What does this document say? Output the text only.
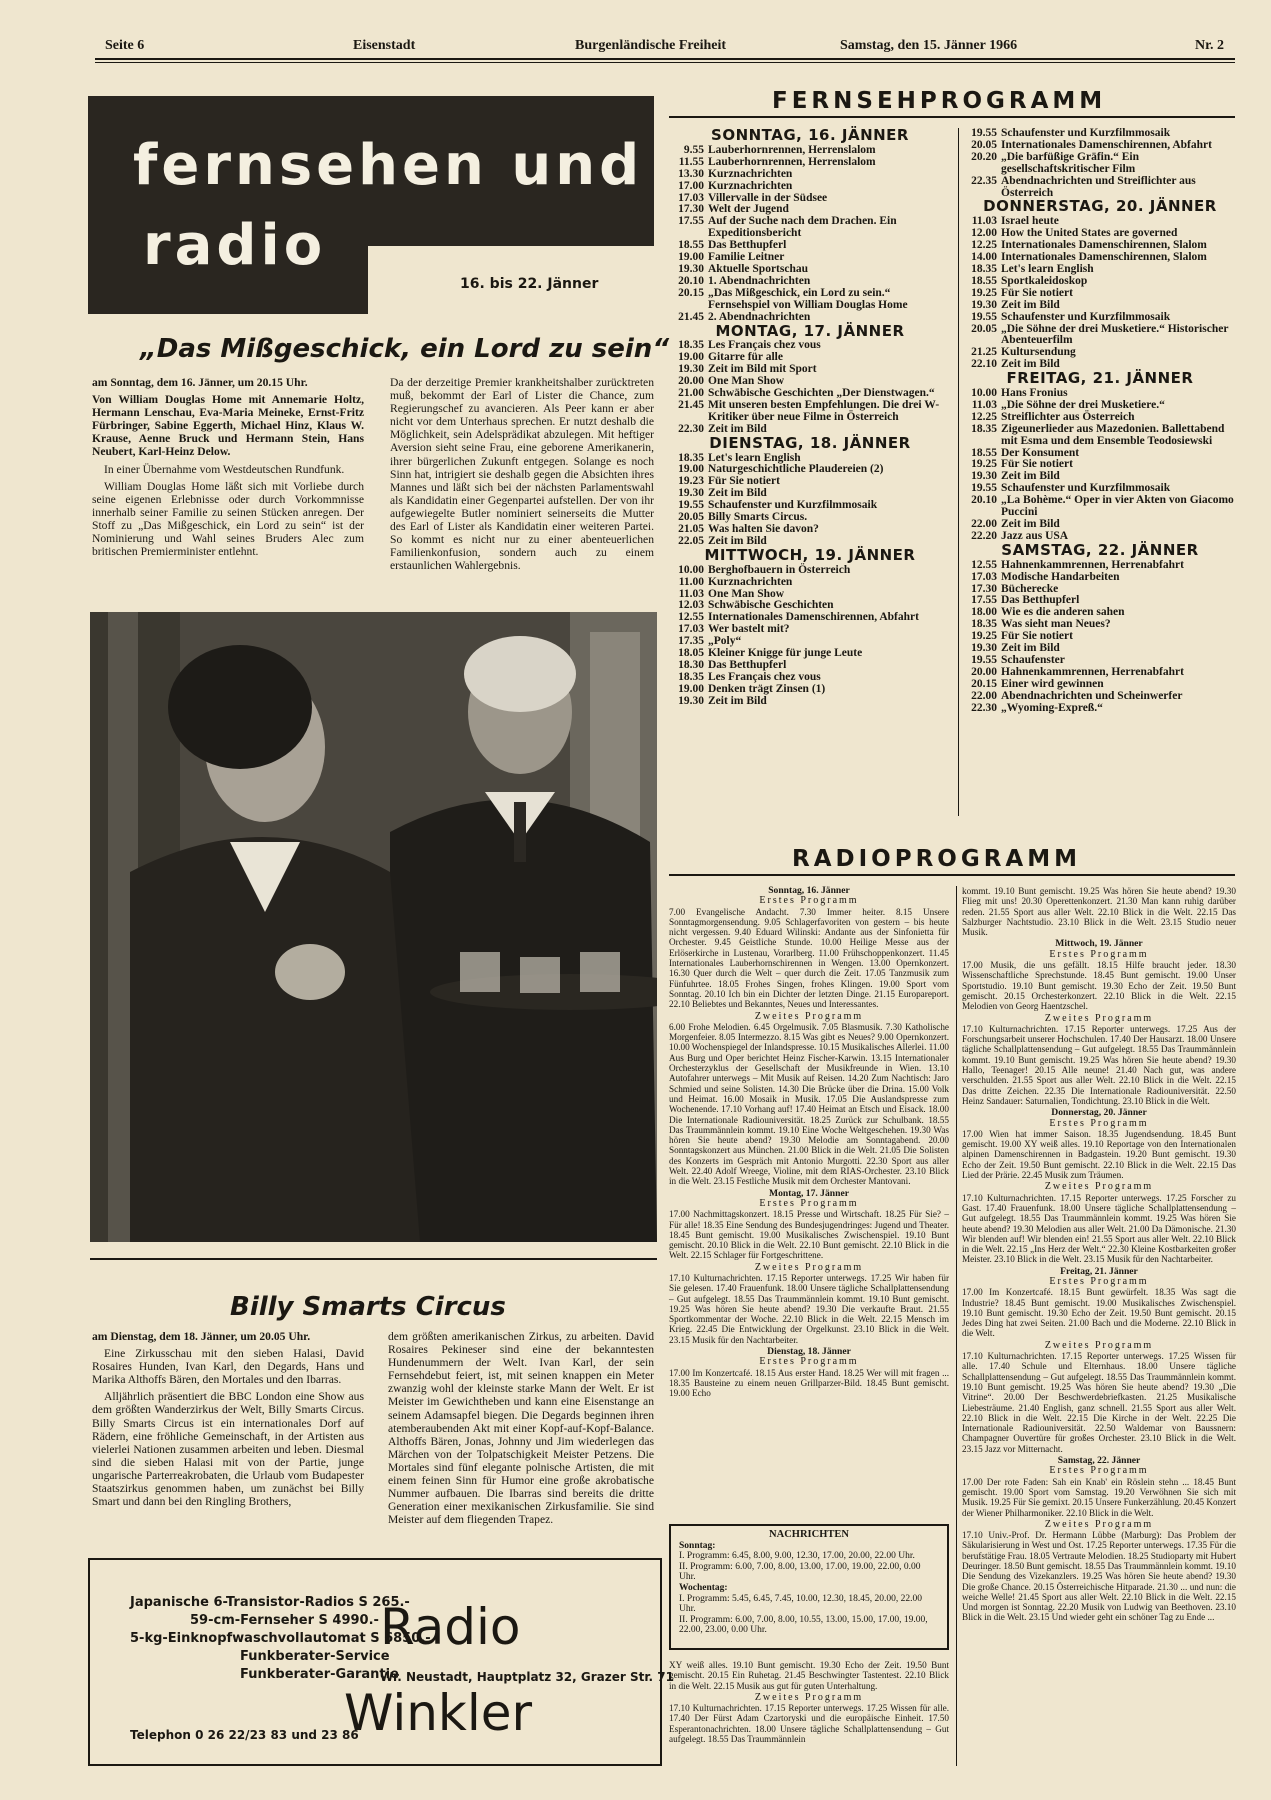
Seite 6	Eisenstadt	Burgenländische Freiheit	Samstag, den 15. Jänner 1966	Nr. 2
fernsehen und
radio
16. bis 22. Jänner
„Das Mißgeschick, ein Lord zu sein“

am Sonntag, dem 16. Jänner, um 20.15 Uhr.

Von William Douglas Home mit Annemarie Holtz, Hermann Lenschau, Eva-Maria Meineke, Ernst-Fritz Fürbringer, Sabine Eggerth, Michael Hinz, Klaus W. Krause, Aenne Bruck und Hermann Stein, Hans Neubert, Karl-Heinz Delow.

In einer Übernahme vom Westdeutschen Rundfunk.

William Douglas Home läßt sich mit Vorliebe durch seine eigenen Erlebnisse oder durch Vorkommnisse innerhalb seiner Familie zu seinen Stücken anregen. Der Stoff zu „Das Mißgeschick, ein Lord zu sein“ ist der Nominierung und Wahl seines Bruders Alec zum britischen Premierminister entlehnt.

Da der derzeitige Premier krankheitshalber zurücktreten muß, bekommt der Earl of Lister die Chance, zum Regierungschef zu avancieren. Als Peer kann er aber nicht vor dem Unterhaus sprechen. Er nutzt deshalb die Möglichkeit, sein Adelsprädikat abzulegen. Mit heftiger Aversion sieht seine Frau, eine geborene Amerikanerin, ihrer bürgerlichen Zukunft entgegen. Solange es noch Sinn hat, intrigiert sie deshalb gegen die Absichten ihres Mannes und läßt sich bei der nächsten Parlamentswahl als Kandidatin einer Gegenpartei aufstellen. Der von ihr aufgewiegelte Butler nominiert seinerseits die Mutter des Earl of Lister als Kandidatin einer weiteren Partei. So kommt es nicht nur zu einer abenteuerlichen Familienkonfusion, sondern auch zu einem erstaunlichen Wahlergebnis.

Billy Smarts Circus

am Dienstag, dem 18. Jänner, um 20.05 Uhr.

Eine Zirkusschau mit den sieben Halasi, David Rosaires Hunden, Ivan Karl, den Degards, Hans und Marika Althoffs Bären, den Mortales und den Ibarras.

Alljährlich präsentiert die BBC London eine Show aus dem größten Wanderzirkus der Welt, Billy Smarts Circus. Billy Smarts Circus ist ein internationales Dorf auf Rädern, eine fröhliche Gemeinschaft, in der Artisten aus vielerlei Nationen zusammen arbeiten und leben. Diesmal sind die sieben Halasi mit von der Partie, junge ungarische Parterreakrobaten, die Urlaub vom Budapester Staatszirkus genommen haben, um zunächst bei Billy Smart und dann bei den Ringling Brothers,

dem größten amerikanischen Zirkus, zu arbeiten. David Rosaires Pekineser sind eine der bekanntesten Hundenummern der Welt. Ivan Karl, der sein Fernsehdebut feiert, ist, mit seinen knappen ein Meter zwanzig wohl der kleinste starke Mann der Welt. Er ist Meister im Gewichtheben und kann eine Eisenstange an seinem Adamsapfel biegen. Die Degards beginnen ihren atemberaubenden Akt mit einer Kopf-auf-Kopf-Balance. Althoffs Bären, Jonas, Johnny und Jim wiederlegen das Märchen von der Tolpatschigkeit Meister Petzens. Die Mortales sind fünf elegante polnische Artisten, die mit einem feinen Sinn für Humor eine große akrobatische Nummer aufbauen. Die Ibarras sind bereits die dritte Generation einer mexikanischen Zirkusfamilie. Sie sind Meister auf dem fliegenden Trapez.

Japanische 6-Transistor-Radios S 265.-
59-cm-Fernseher S 4990.-
5-kg-Einknopfwaschvollautomat S 6850.-
Funkberater-Service
Funkberater-Garantie
Telephon 0 26 22/23 83 und 23 86
Radio
Wr. Neustadt, Hauptplatz 32, Grazer Str. 71
Winkler
FERNSEHPROGRAMM
SONNTAG, 16. JÄNNER
9.55 Lauberhornrennen, Herrenslalom
11.55 Lauberhornrennen, Herrenslalom
13.30 Kurznachrichten
17.00 Kurznachrichten
17.03 Villervalle in der Südsee
17.30 Welt der Jugend
17.55 Auf der Suche nach dem Drachen. Ein Expeditionsbericht
18.55 Das Betthupferl
19.00 Familie Leitner
19.30 Aktuelle Sportschau
20.10 1. Abendnachrichten
20.15 „Das Mißgeschick, ein Lord zu sein.“ Fernsehspiel von William Douglas Home
21.45 2. Abendnachrichten
MONTAG, 17. JÄNNER
18.35 Les Français chez vous
19.00 Gitarre für alle
19.30 Zeit im Bild mit Sport
20.00 One Man Show
21.00 Schwäbische Geschichten „Der Dienstwagen.“
21.45 Mit unseren besten Empfehlungen. Die drei W-Kritiker über neue Filme in Österreich
22.30 Zeit im Bild
DIENSTAG, 18. JÄNNER
18.35 Let's learn English
19.00 Naturgeschichtliche Plaudereien (2)
19.23 Für Sie notiert
19.30 Zeit im Bild
19.55 Schaufenster und Kurzfilmmosaik
20.05 Billy Smarts Circus.
21.05 Was halten Sie davon?
22.05 Zeit im Bild
MITTWOCH, 19. JÄNNER
10.00 Berghofbauern in Österreich
11.00 Kurznachrichten
11.03 One Man Show
12.03 Schwäbische Geschichten
12.55 Internationales Damenschirennen, Abfahrt
17.03 Wer bastelt mit?
17.35 „Poly“
18.05 Kleiner Knigge für junge Leute
18.30 Das Betthupferl
18.35 Les Français chez vous
19.00 Denken trägt Zinsen (1)
19.30 Zeit im Bild
19.55 Schaufenster und Kurzfilmmosaik
20.05 Internationales Damenschirennen, Abfahrt
20.20 „Die barfüßige Gräfin.“ Ein gesellschaftskritischer Film
22.35 Abendnachrichten und Streiflichter aus Österreich
DONNERSTAG, 20. JÄNNER
11.03 Israel heute
12.00 How the United States are governed
12.25 Internationales Damenschirennen, Slalom
14.00 Internationales Damenschirennen, Slalom
18.35 Let's learn English
18.55 Sportkaleidoskop
19.25 Für Sie notiert
19.30 Zeit im Bild
19.55 Schaufenster und Kurzfilmmosaik
20.05 „Die Söhne der drei Musketiere.“ Historischer Abenteuerfilm
21.25 Kultursendung
22.10 Zeit im Bild
FREITAG, 21. JÄNNER
10.00 Hans Fronius
11.03 „Die Söhne der drei Musketiere.“
12.25 Streiflichter aus Österreich
18.35 Zigeunerlieder aus Mazedonien. Ballettabend mit Esma und dem Ensemble Teodosiewski
18.55 Der Konsument
19.25 Für Sie notiert
19.30 Zeit im Bild
19.55 Schaufenster und Kurzfilmmosaik
20.10 „La Bohème.“ Oper in vier Akten von Giacomo Puccini
22.00 Zeit im Bild
22.20 Jazz aus USA
SAMSTAG, 22. JÄNNER
12.55 Hahnenkammrennen, Herrenabfahrt
17.03 Modische Handarbeiten
17.30 Bücherecke
17.55 Das Betthupferl
18.00 Wie es die anderen sahen
18.35 Was sieht man Neues?
19.25 Für Sie notiert
19.30 Zeit im Bild
19.55 Schaufenster
20.00 Hahnenkammrennen, Herrenabfahrt
20.15 Einer wird gewinnen
22.00 Abendnachrichten und Scheinwerfer
22.30 „Wyoming-Expreß.“
RADIOPROGRAMM
Sonntag, 16. Jänner
Erstes Programm

7.00 Evangelische Andacht. 7.30 Immer heiter. 8.15 Unsere Sonntagmorgensendung. 9.05 Schlagerfavoriten von gestern – bis heute nicht vergessen. 9.40 Eduard Wilinski: Andante aus der Sinfonietta für Orchester. 9.45 Geistliche Stunde. 10.00 Heilige Messe aus der Erlöserkirche in Lustenau, Vorarlberg. 11.00 Frühschoppenkonzert. 11.45 Internationales Lauberhornschirennen in Wengen. 13.00 Opernkonzert. 16.30 Quer durch die Welt – quer durch die Zeit. 17.05 Tanzmusik zum Fünfuhrtee. 18.05 Frohes Singen, frohes Klingen. 19.00 Sport vom Sonntag. 20.10 Ich bin ein Dichter der letzten Dinge. 21.15 Europareport. 22.10 Beliebtes und Bekanntes, Neues und Interessantes.

Zweites Programm

6.00 Frohe Melodien. 6.45 Orgelmusik. 7.05 Blasmusik. 7.30 Katholische Morgenfeier. 8.05 Intermezzo. 8.15 Was gibt es Neues? 9.00 Opernkonzert. 10.00 Wochenspiegel der Inlandspresse. 10.15 Musikalisches Allerlei. 11.00 Aus Burg und Oper berichtet Heinz Fischer-Karwin. 13.15 Internationaler Orchesterzyklus der Gesellschaft der Musikfreunde in Wien. 13.10 Autofahrer unterwegs – Mit Musik auf Reisen. 14.20 Zum Nachtisch: Jaro Schmied und seine Solisten. 14.30 Die Brücke über die Drina. 15.00 Volk und Heimat. 16.00 Mosaik in Musik. 17.05 Die Auslandspresse zum Wochenende. 17.10 Vorhang auf! 17.40 Heimat an Etsch und Eisack. 18.00 Die Internationale Radiouniversität. 18.25 Zurück zur Schulbank. 18.55 Das Traummännlein kommt. 19.10 Eine Woche Weltgeschehen. 19.30 Was hören Sie heute abend? 19.30 Melodie am Sonntagabend. 20.00 Sonntagskonzert aus München. 21.00 Blick in die Welt. 21.05 Die Solisten des Konzerts im Gespräch mit Antonio Murgotti. 22.30 Sport aus aller Welt. 22.40 Adolf Wreege, Violine, mit dem RIAS-Orchester. 23.10 Blick in die Welt. 23.15 Festliche Musik mit dem Orchester Mantovani.

Montag, 17. Jänner
Erstes Programm

17.00 Nachmittagskonzert. 18.15 Presse und Wirtschaft. 18.25 Für Sie? – Für alle! 18.35 Eine Sendung des Bundesjugendringes: Jugend und Theater. 18.45 Bunt gemischt. 19.00 Musikalisches Zwischenspiel. 19.10 Bunt gemischt. 20.10 Blick in die Welt. 22.10 Bunt gemischt. 22.10 Blick in die Welt. 22.15 Schlager für Fortgeschrittene.

Zweites Programm

17.10 Kulturnachrichten. 17.15 Reporter unterwegs. 17.25 Wir haben für Sie gelesen. 17.40 Frauenfunk. 18.00 Unsere tägliche Schallplattensendung – Gut aufgelegt. 18.55 Das Traummännlein kommt. 19.10 Bunt gemischt. 19.25 Was hören Sie heute abend? 19.30 Die verkaufte Braut. 21.55 Sportkommentar der Woche. 22.10 Blick in die Welt. 22.15 Mensch im Krieg. 22.45 Die Entwicklung der Orgelkunst. 23.10 Blick in die Welt. 23.15 Musik für den Nachtarbeiter.

Dienstag, 18. Jänner
Erstes Programm

17.00 Im Konzertcafé. 18.15 Aus erster Hand. 18.25 Wer will mit fragen ... 18.35 Bausteine zu einem neuen Grillparzer-Bild. 18.45 Bunt gemischt. 19.00 Echo

NACHRICHTEN
Sonntag:
I. Programm: 6.45, 8.00, 9.00, 12.30, 17.00, 20.00, 22.00 Uhr.
II. Programm: 6.00, 7.00, 8.00, 13.00, 17.00, 19.00, 22.00, 0.00 Uhr.
Wochentag:
I. Programm: 5.45, 6.45, 7.45, 10.00, 12.30, 18.45, 20.00, 22.00 Uhr.
II. Programm: 6.00, 7.00, 8.00, 10.55, 13.00, 15.00, 17.00, 19.00, 22.00, 23.00, 0.00 Uhr.

XY weiß alles. 19.10 Bunt gemischt. 19.30 Echo der Zeit. 19.50 Bunt gemischt. 20.15 Ein Ruhetag. 21.45 Beschwingter Tastentest. 22.10 Blick in die Welt. 22.15 Musik aus gut für guten Unterhaltung.

Zweites Programm

17.10 Kulturnachrichten. 17.15 Reporter unterwegs. 17.25 Wissen für alle. 17.40 Der Fürst Adam Czartoryski und die europäische Einheit. 17.50 Esperantonachrichten. 18.00 Unsere tägliche Schallplattensendung – Gut aufgelegt. 18.55 Das Traummännlein

kommt. 19.10 Bunt gemischt. 19.25 Was hören Sie heute abend? 19.30 Flieg mit uns! 20.30 Operettenkonzert. 21.30 Man kann ruhig darüber reden. 21.55 Sport aus aller Welt. 22.10 Blick in die Welt. 22.15 Das Salzburger Nachtstudio. 23.10 Blick in die Welt. 23.15 Studio neuer Musik.

Mittwoch, 19. Jänner
Erstes Programm

17.00 Musik, die uns gefällt. 18.15 Hilfe braucht jeder. 18.30 Wissenschaftliche Sprechstunde. 18.45 Bunt gemischt. 19.00 Unser Sportstudio. 19.10 Bunt gemischt. 19.30 Echo der Zeit. 19.50 Bunt gemischt. 20.15 Orchesterkonzert. 22.10 Blick in die Welt. 22.15 Melodien von Georg Haentzschel.

Zweites Programm

17.10 Kulturnachrichten. 17.15 Reporter unterwegs. 17.25 Aus der Forschungsarbeit unserer Hochschulen. 17.40 Der Hausarzt. 18.00 Unsere tägliche Schallplattensendung – Gut aufgelegt. 18.55 Das Traummännlein kommt. 19.10 Bunt gemischt. 19.25 Was hören Sie heute abend? 19.30 Hallo, Teenager! 20.15 Alle neune! 21.40 Nach gut, was andere verschulden. 21.55 Sport aus aller Welt. 22.10 Blick in die Welt. 22.15 Das dritte Zeichen. 22.35 Die Internationale Radiouniversität. 22.50 Heinz Sandauer: Saturnalien, Tondichtung. 23.10 Blick in die Welt.

Donnerstag, 20. Jänner
Erstes Programm

17.00 Wien hat immer Saison. 18.35 Jugendsendung. 18.45 Bunt gemischt. 19.00 XY weiß alles. 19.10 Reportage von den Internationalen alpinen Damenschirennen in Badgastein. 19.20 Bunt gemischt. 19.30 Echo der Zeit. 19.50 Bunt gemischt. 22.10 Blick in die Welt. 22.15 Das Lied der Prärie. 22.45 Musik zum Träumen.

Zweites Programm

17.10 Kulturnachrichten. 17.15 Reporter unterwegs. 17.25 Forscher zu Gast. 17.40 Frauenfunk. 18.00 Unsere tägliche Schallplattensendung – Gut aufgelegt. 18.55 Das Traummännlein kommt. 19.25 Was hören Sie heute abend? 19.30 Melodien aus aller Welt. 21.00 Da Dämonische. 21.30 Wir blenden auf! Wir blenden ein! 21.55 Sport aus aller Welt. 22.10 Blick in die Welt. 22.15 „Ins Herz der Welt.“ 22.30 Kleine Kostbarkeiten großer Meister. 23.10 Blick in die Welt. 23.15 Musik für den Nachtarbeiter.

Freitag, 21. Jänner
Erstes Programm

17.00 Im Konzertcafé. 18.15 Bunt gewürfelt. 18.35 Was sagt die Industrie? 18.45 Bunt gemischt. 19.00 Musikalisches Zwischenspiel. 19.10 Bunt gemischt. 19.30 Echo der Zeit. 19.50 Bunt gemischt. 20.15 Jedes Ding hat zwei Seiten. 21.00 Bach und die Moderne. 22.10 Blick in die Welt.

Zweites Programm

17.10 Kulturnachrichten. 17.15 Reporter unterwegs. 17.25 Wissen für alle. 17.40 Schule und Elternhaus. 18.00 Unsere tägliche Schallplattensendung – Gut aufgelegt. 18.55 Das Traummännlein kommt. 19.10 Bunt gemischt. 19.25 Was hören Sie heute abend? 19.30 „Die Vitrine“. 20.00 Der Beschwerdebriefkasten. 21.25 Musikalische Liebesträume. 21.40 English, ganz schnell. 21.55 Sport aus aller Welt. 22.10 Blick in die Welt. 22.15 Die Kirche in der Welt. 22.25 Die Internationale Radiouniversität. 22.50 Waldemar von Baussnern: Champagner Ouvertüre für großes Orchester. 23.10 Blick in die Welt. 23.15 Jazz vor Mitternacht.

Samstag, 22. Jänner
Erstes Programm

17.00 Der rote Faden: Sah ein Knab' ein Röslein stehn ... 18.45 Bunt gemischt. 19.00 Sport vom Samstag. 19.20 Verwöhnen Sie sich mit Musik. 19.25 Für Sie gemixt. 20.15 Unsere Funkerzählung. 20.45 Konzert der Wiener Philharmoniker. 22.10 Blick in die Welt.

Zweites Programm

17.10 Univ.-Prof. Dr. Hermann Lübbe (Marburg): Das Problem der Säkularisierung in West und Ost. 17.25 Reporter unterwegs. 17.35 Für die berufstätige Frau. 18.05 Vertraute Melodien. 18.25 Studioparty mit Hubert Deuringer. 18.50 Bunt gemischt. 18.55 Das Traummännlein kommt. 19.10 Die Sendung des Vizekanzlers. 19.25 Was hören Sie heute abend? 19.30 Die große Chance. 20.15 Österreichische Hitparade. 21.30 ... und nun: die weiche Welle! 21.45 Sport aus aller Welt. 22.10 Blick in die Welt. 22.15 Und morgen ist Sonntag. 22.20 Musik von Ludwig van Beethoven. 23.10 Blick in die Welt. 23.15 Und wieder geht ein schöner Tag zu Ende ...
